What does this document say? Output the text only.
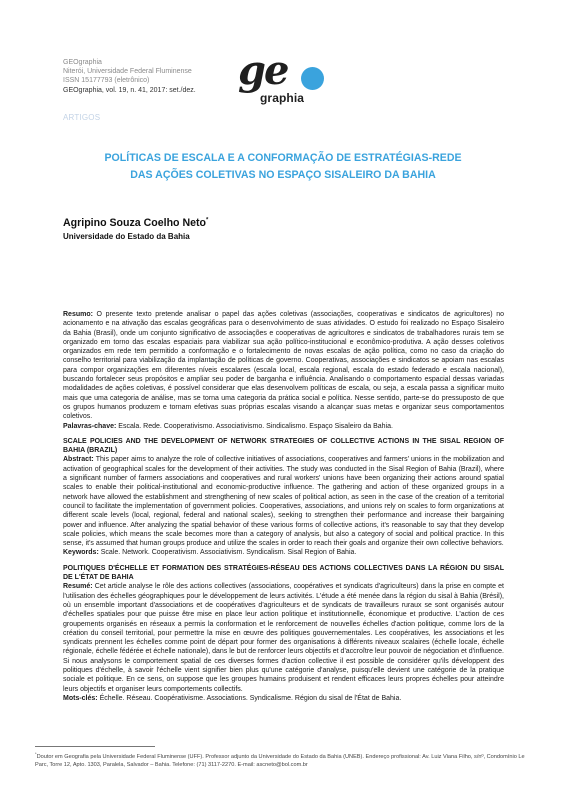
GEOgraphia
Niterói, Universidade Federal Fluminense
ISSN 15177793 (eletrônico)
GEOgraphia, vol. 19, n. 41, 2017: set./dez. ge
graphia
ARTIGOS
POLÍTICAS DE ESCALA E A CONFORMAÇÃO DE ESTRATÉGIAS-REDE
DAS AÇÕES COLETIVAS NO ESPAÇO SISALEIRO DA BAHIA
Agripino Souza Coelho Neto*
Universidade do Estado da Bahia

Resumo: O presente texto pretende analisar o papel das ações coletivas (associações, cooperativas e sindicatos de agricultores) no acionamento e na ativação das escalas geográficas para o desenvolvimento de suas atividades. O estudo foi realizado no Espaço Sisaleiro da Bahia (Brasil), onde um conjunto significativo de associações e cooperativas de agricultores e sindicatos de trabalhadores rurais tem se organizado em torno das escalas espaciais para viabilizar sua ação político-institucional e econômico-produtiva. A ação desses coletivos organizados em rede tem permitido a conformação e o fortalecimento de novas escalas de ação política, como no caso da criação do conselho territorial para viabilização da implantação de políticas de governo. Cooperativas, associações e sindicatos se apoiam nas escalas para compor organizações em diferentes níveis escalares (escala local, escala regional, escala do estado federado e escala nacional), buscando fortalecer seus propósitos e ampliar seu poder de barganha e influência. Analisando o comportamento espacial dessas variadas modalidades de ações coletivas, é possível considerar que elas desenvolvem políticas de escala, ou seja, a escala passa a significar muito mais que uma categoria de análise, mas se torna uma categoria da prática social e política. Nesse sentido, parte-se do pressuposto de que os grupos humanos produzem e tornam efetivas suas próprias escalas visando a alcançar suas metas e organizar seus comportamentos coletivos.

Palavras-chave: Escala. Rede. Cooperativismo. Associativismo. Sindicalismo. Espaço Sisaleiro da Bahia.

SCALE POLICIES AND THE DEVELOPMENT OF NETWORK STRATEGIES OF COLLECTIVE ACTIONS IN THE SISAL REGION OF BAHIA (BRAZIL)

Abstract: This paper aims to analyze the role of collective initiatives of associations, cooperatives and farmers' unions in the mobilization and activation of geographical scales for the development of their activities. The study was conducted in the Sisal Region of Bahia (Brazil), where a significant number of farmers associations and cooperatives and rural workers' unions have been organizing their actions around spatial scales to enable their political-institutional and economic-productive influence. The gathering and action of these organized groups in a network have allowed the establishment and strengthening of new scales of political action, as seen in the case of the creation of a territorial council to facilitate the implementation of government policies. Cooperatives, associations, and unions rely on scales to form organizations at different scale levels (local, regional, federal and national scales), seeking to strengthen their performance and increase their bargaining power and influence. After analyzing the spatial behavior of these various forms of collective actions, it's reasonable to say that they develop scale policies, which means the scale becomes more than a category of analysis, but also a category of social and political practice. In this sense, it's assumed that human groups produce and utilize the scales in order to reach their goals and organize their own collective behaviors.

Keywords: Scale. Network. Cooperativism. Associativism. Syndicalism. Sisal Region of Bahia.

POLITIQUES D'ÉCHELLE ET FORMATION DES STRATÉGIES-RÉSEAU DES ACTIONS COLLECTIVES DANS LA RÉGION DU SISAL DE L'ÉTAT DE BAHIA

Resumé: Cet article analyse le rôle des actions collectives (associations, coopératives et syndicats d'agriculteurs) dans la prise en compte et l'utilisation des échelles géographiques pour le développement de leurs activités. L'étude a été menée dans la région du sisal à Bahia (Brésil), où un ensemble important d'associations et de coopératives d'agriculteurs et de syndicats de travailleurs ruraux se sont organisés autour d'échelles spatiales pour que puisse être mise en place leur action politique et institutionnelle, économique et productive. L'action de ces groupements organisés en réseaux a permis la conformation et le renforcement de nouvelles échelles d'action politique, comme lors de la création du conseil territorial, pour permettre la mise en œuvre des politiques gouvernementales. Les coopératives, les associations et les syndicats prennent les échelles comme point de départ pour former des organisations à différents niveaux scalaires (échelle locale, échelle régionale, échelle fédérée et échelle nationale), dans le but de renforcer leurs objectifs et d'accroître leur pouvoir de négociation et d'influence. Si nous analysons le comportement spatial de ces diverses formes d'action collective il est possible de considérer qu'ils développent des politiques d'échelle, à savoir l'échelle vient signifier bien plus qu'une catégorie d'analyse, puisqu'elle devient une catégorie de la pratique sociale et politique. En ce sens, on suppose que les groupes humains produisent et rendent efficaces leurs propres échelles pour atteindre leurs objectifs et organiser leurs comportements collectifs.

Mots-clés: Échelle. Réseau. Coopérativisme. Associations. Syndicalisme. Région du sisal de l'État de Bahia.

*Doutor em Geografia pela Universidade Federal Fluminense (UFF). Professor adjunto da Universidade do Estado da Bahia (UNEB). Endereço profissional: Av. Luiz Viana Filho, s/nº, Condomínio Le Parc, Torre 12, Apto. 1303, Paralela, Salvador – Bahia. Telefone: (71) 3117-2270. E-mail: ascneto@bol.com.br
